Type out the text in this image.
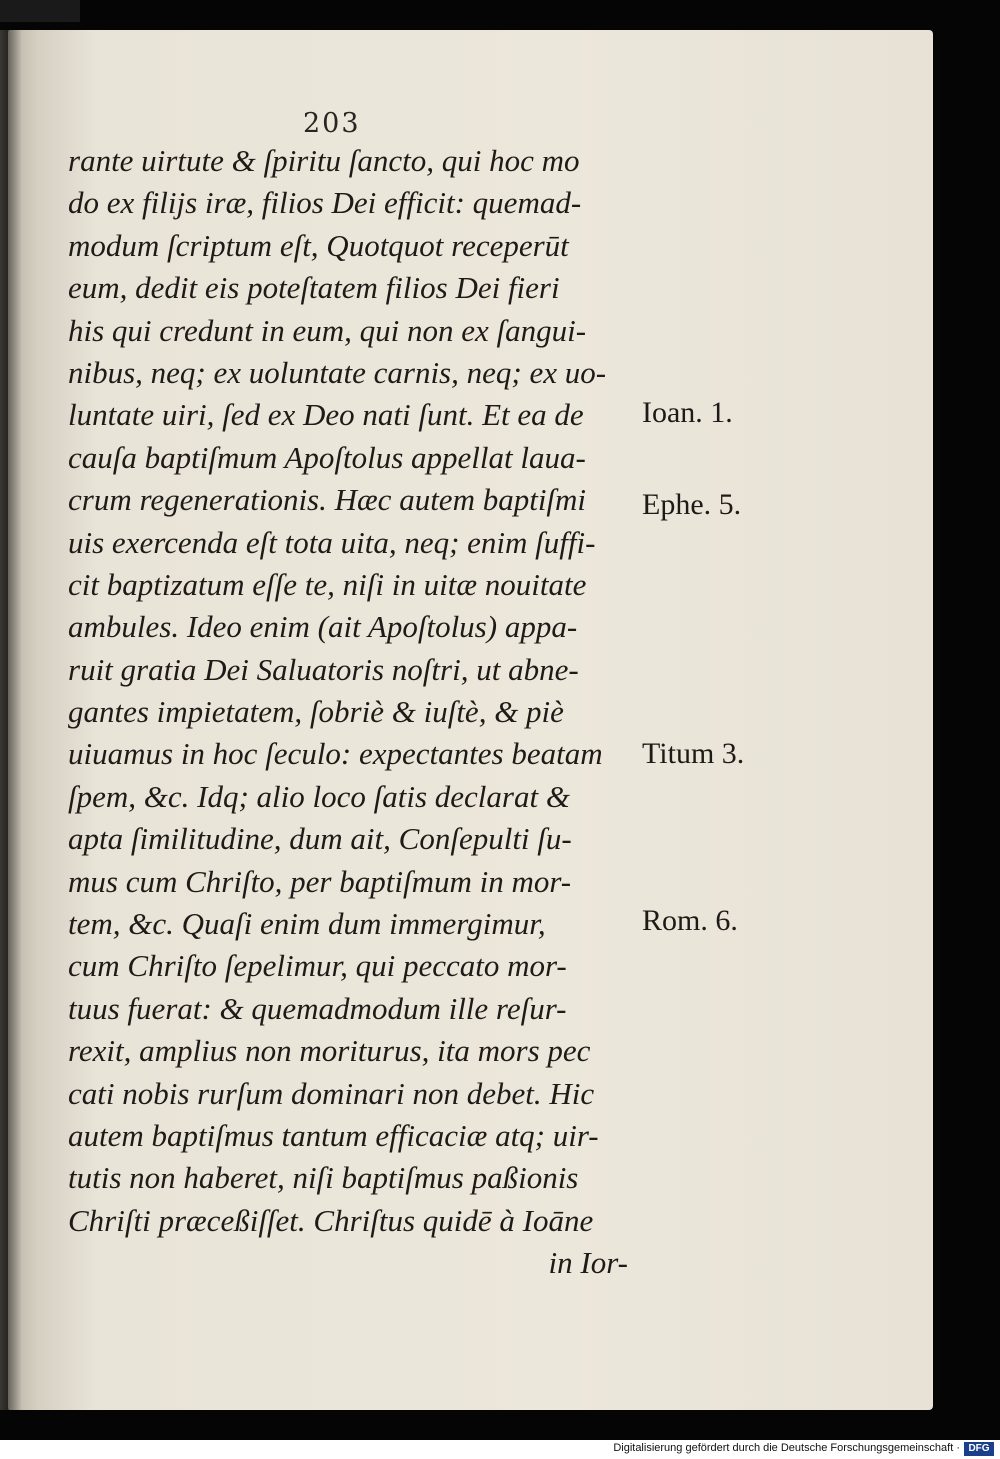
203
rante uirtute & ſpiritu ſancto, qui hoc mo
do ex filijs iræ, filios Dei efficit: quemad-
modum ſcriptum eſt, Quotquot receperūt
eum, dedit eis poteſtatem filios Dei fieri
his qui credunt in eum, qui non ex ſangui-
nibus, neq; ex uoluntate carnis, neq; ex uo-
luntate uiri, ſed ex Deo nati ſunt. Et ea de
cauſa baptiſmum Apoſtolus appellat laua-
crum regenerationis. Hæc autem baptiſmi
uis exercenda eſt tota uita, neq; enim ſuffi-
cit baptizatum eſſe te, niſi in uitæ nouitate
ambules. Ideo enim (ait Apoſtolus) appa-
ruit gratia Dei Saluatoris noſtri, ut abne-
gantes impietatem, ſobriè & iuſtè, & piè
uiuamus in hoc ſeculo: expectantes beatam
ſpem, &c. Idq; alio loco ſatis declarat &
apta ſimilitudine, dum ait, Conſepulti ſu-
mus cum Chriſto, per baptiſmum in mor-
tem, &c. Quaſi enim dum immergimur,
cum Chriſto ſepelimur, qui peccato mor-
tuus fuerat: & quemadmodum ille reſur-
rexit, amplius non moriturus, ita mors pec
cati nobis rurſum dominari non debet. Hic
autem baptiſmus tantum efficaciæ atq; uir-
tutis non haberet, niſi baptiſmus paßionis
Chriſti præceßiſſet. Chriſtus quidē à Ioāne
in Ior-
Ioan. 1.
Ephe. 5.
Titum 3.
Rom. 6.
Digitalisierung gefördert durch die Deutsche Forschungsgemeinschaft · DFG
